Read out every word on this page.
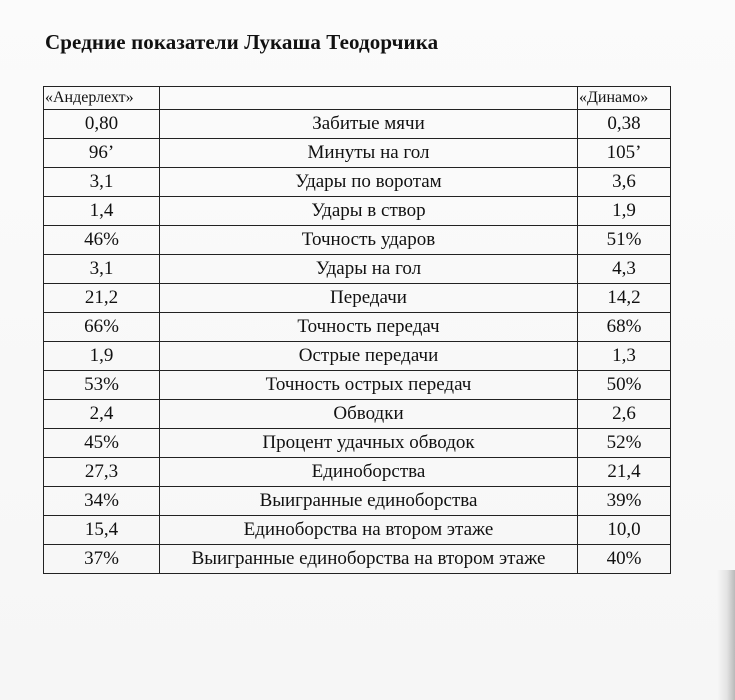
Средние показатели Лукаша Теодорчика
«Андерлехт»		«Динамо»
0,80	Забитые мячи	0,38
96’	Минуты на гол	105’
3,1	Удары по воротам	3,6
1,4	Удары в створ	1,9
46%	Точность ударов	51%
3,1	Удары на гол	4,3
21,2	Передачи	14,2
66%	Точность передач	68%
1,9	Острые передачи	1,3
53%	Точность острых передач	50%
2,4	Обводки	2,6
45%	Процент удачных обводок	52%
27,3	Единоборства	21,4
34%	Выигранные единоборства	39%
15,4	Единоборства на втором этаже	10,0
37%	Выигранные единоборства на втором этаже	40%
